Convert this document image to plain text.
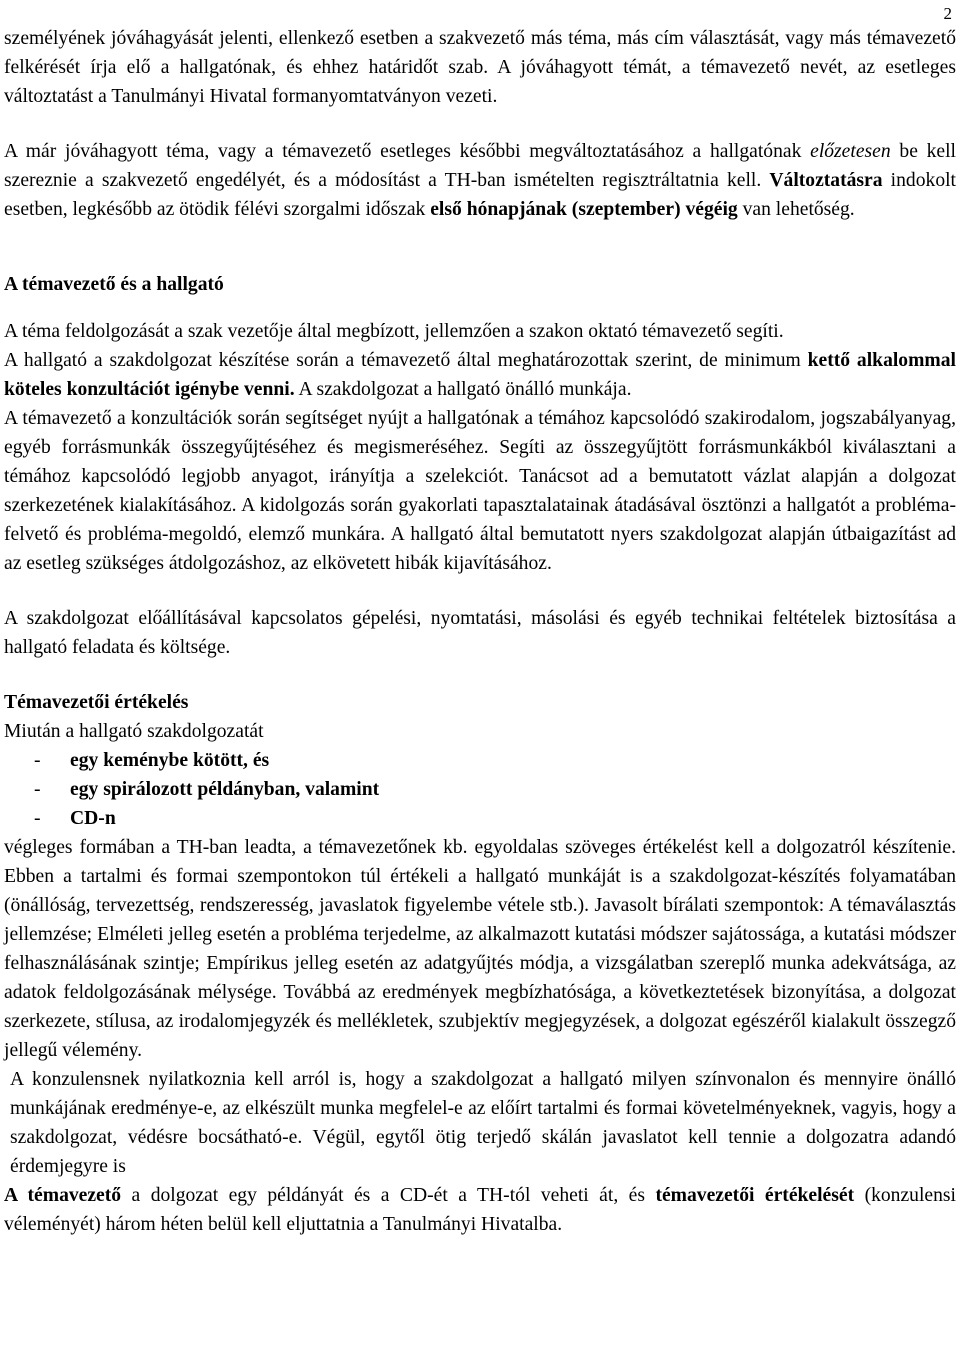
2

személyének jóváhagyását jelenti, ellenkező esetben a szakvezető más téma, más cím választását, vagy más témavezető felkérését írja elő a hallgatónak, és ehhez határidőt szab. A jóváhagyott témát, a témavezető nevét, az esetleges változtatást a Tanulmányi Hivatal formanyomtatványon vezeti.

A már jóváhagyott téma, vagy a témavezető esetleges későbbi megváltoztatásához a hallgatónak előzetesen be kell szereznie a szakvezető engedélyét, és a módosítást a TH-ban ismételten regisztráltatnia kell. Változtatásra indokolt esetben, legkésőbb az ötödik félévi szorgalmi időszak első hónapjának (szeptember) végéig van lehetőség.

A témavezető és a hallgató

A téma feldolgozását a szak vezetője által megbízott, jellemzően a szakon oktató témavezető segíti.

A hallgató a szakdolgozat készítése során a témavezető által meghatározottak szerint, de minimum kettő alkalommal köteles konzultációt igénybe venni. A szakdolgozat a hallgató önálló munkája.

A témavezető a konzultációk során segítséget nyújt a hallgatónak a témához kapcsolódó szakirodalom, jogszabályanyag, egyéb forrásmunkák összegyűjtéséhez és megismeréséhez. Segíti az összegyűjtött forrásmunkákból kiválasztani a témához kapcsolódó legjobb anyagot, irányítja a szelekciót. Tanácsot ad a bemutatott vázlat alapján a dolgozat szerkezetének kialakításához. A kidolgozás során gyakorlati tapasztalatainak átadásával ösztönzi a hallgatót a probléma-felvető és probléma-megoldó, elemző munkára. A hallgató által bemutatott nyers szakdolgozat alapján útbaigazítást ad az esetleg szükséges átdolgozáshoz, az elkövetett hibák kijavításához.

A szakdolgozat előállításával kapcsolatos gépelési, nyomtatási, másolási és egyéb technikai feltételek biztosítása a hallgató feladata és költsége.

Témavezetői értékelés

Miután a hallgató szakdolgozatát

- egy keménybe kötött, és
- egy spirálozott példányban, valamint
- CD-n

végleges formában a TH-ban leadta, a témavezetőnek kb. egyoldalas szöveges értékelést kell a dolgozatról készítenie. Ebben a tartalmi és formai szempontokon túl értékeli a hallgató munkáját is a szakdolgozat-készítés folyamatában (önállóság, tervezettség, rendszeresség, javaslatok figyelembe vétele stb.). Javasolt bírálati szempontok: A témaválasztás jellemzése; Elméleti jelleg esetén a probléma terjedelme, az alkalmazott kutatási módszer sajátossága, a kutatási módszer felhasználásának szintje; Empírikus jelleg esetén az adatgyűjtés módja, a vizsgálatban szereplő munka adekvátsága, az adatok feldolgozásának mélysége. Továbbá az eredmények megbízhatósága, a következtetések bizonyítása, a dolgozat szerkezete, stílusa, az irodalomjegyzék és mellékletek, szubjektív megjegyzések, a dolgozat egészéről kialakult összegző jellegű vélemény.

A konzulensnek nyilatkoznia kell arról is, hogy a szakdolgozat a hallgató milyen színvonalon és mennyire önálló munkájának eredménye-e, az elkészült munka megfelel-e az előírt tartalmi és formai követelményeknek, vagyis, hogy a szakdolgozat, védésre bocsátható-e. Végül, egytől ötig terjedő skálán javaslatot kell tennie a dolgozatra adandó érdemjegyre is

A témavezető a dolgozat egy példányát és a CD-ét a TH-tól veheti át, és témavezetői értékelését (konzulensi véleményét) három héten belül kell eljuttatnia a Tanulmányi Hivatalba.
